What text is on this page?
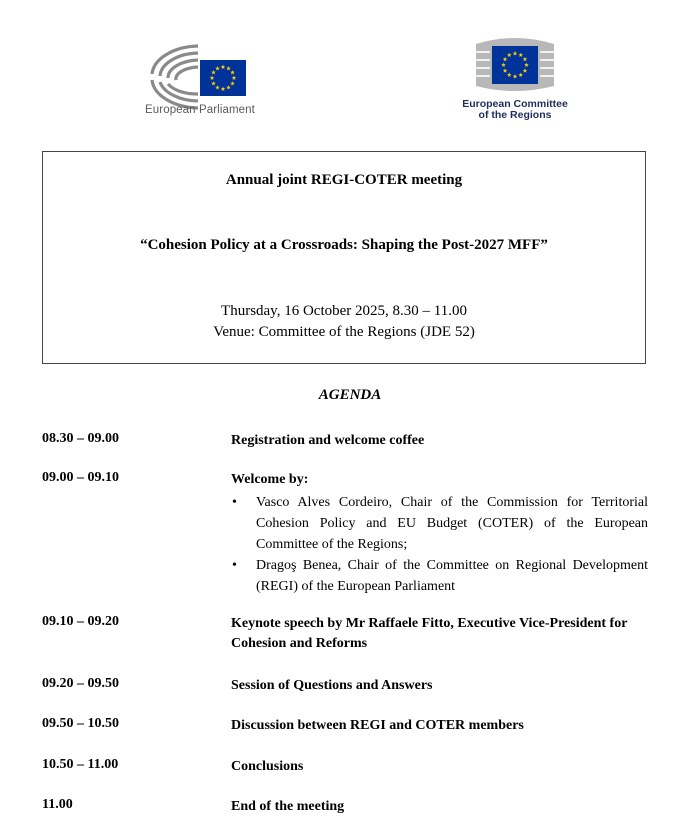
European Parliament	European Committee
of the Regions
Annual joint REGI-COTER meeting
“Cohesion Policy at a Crossroads: Shaping the Post-2027 MFF”
Thursday, 16 October 2025, 8.30 – 11.00
Venue: Committee of the Regions (JDE 52)
AGENDA
08.30 – 09.00	Registration and welcome coffee
09.00 – 09.10	Welcome by:
• Vasco Alves Cordeiro, Chair of the Commission for Territorial Cohesion Policy and EU Budget (COTER) of the European Committee of the Regions;
• Dragoş Benea, Chair of the Committee on Regional Development (REGI) of the European Parliament
09.10 – 09.20	Keynote speech by Mr Raffaele Fitto, Executive Vice-President for Cohesion and Reforms
09.20 – 09.50	Session of Questions and Answers
09.50 – 10.50	Discussion between REGI and COTER members
10.50 – 11.00	Conclusions
11.00	End of the meeting
